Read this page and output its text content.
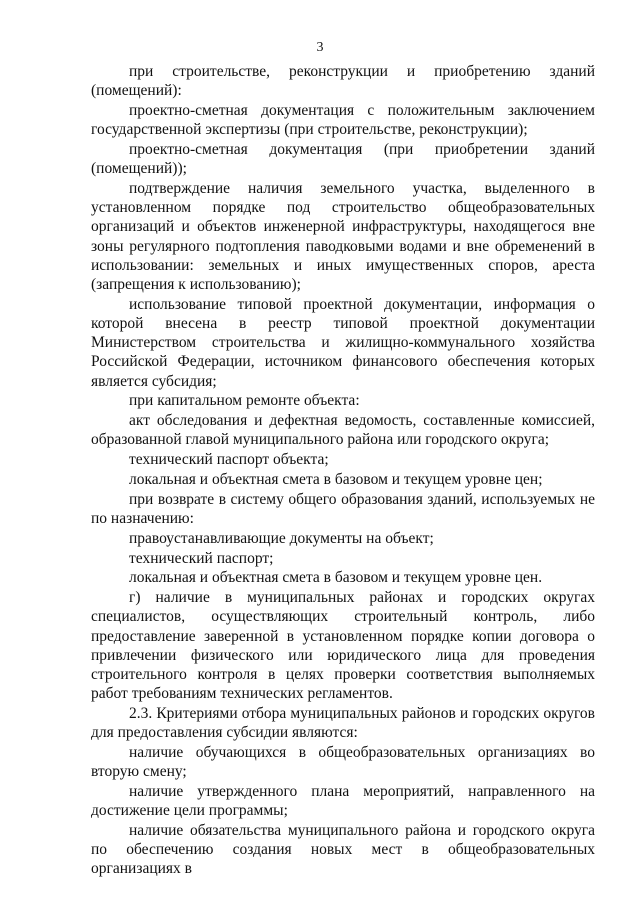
3

при строительстве, реконструкции и приобретению зданий (помещений):

проектно-сметная документация с положительным заключением государственной экспертизы (при строительстве, реконструкции);

проектно-сметная документация (при приобретении зданий (помещений));

подтверждение наличия земельного участка, выделенного в установленном порядке под строительство общеобразовательных организаций и объектов инженерной инфраструктуры, находящегося вне зоны регулярного подтопления паводковыми водами и вне обременений в использовании: земельных и иных имущественных споров, ареста (запрещения к использованию);

использование типовой проектной документации, информация о которой внесена в реестр типовой проектной документации Министерством строительства и жилищно-коммунального хозяйства Российской Федерации, источником финансового обеспечения которых является субсидия;

при капитальном ремонте объекта:

акт обследования и дефектная ведомость, составленные комиссией, образованной главой муниципального района или городского округа;

технический паспорт объекта;

локальная и объектная смета в базовом и текущем уровне цен;

при возврате в систему общего образования зданий, используемых не по назначению:

правоустанавливающие документы на объект;

технический паспорт;

локальная и объектная смета в базовом и текущем уровне цен.

г) наличие в муниципальных районах и городских округах специалистов, осуществляющих строительный контроль, либо предоставление заверенной в установленном порядке копии договора о привлечении физического или юридического лица для проведения строительного контроля в целях проверки соответствия выполняемых работ требованиям технических регламентов.

2.3. Критериями отбора муниципальных районов и городских округов для предоставления субсидии являются:

наличие обучающихся в общеобразовательных организациях во вторую смену;

наличие утвержденного плана мероприятий, направленного на достижение цели программы;

наличие обязательства муниципального района и городского округа по обеспечению создания новых мест в общеобразовательных организациях в
